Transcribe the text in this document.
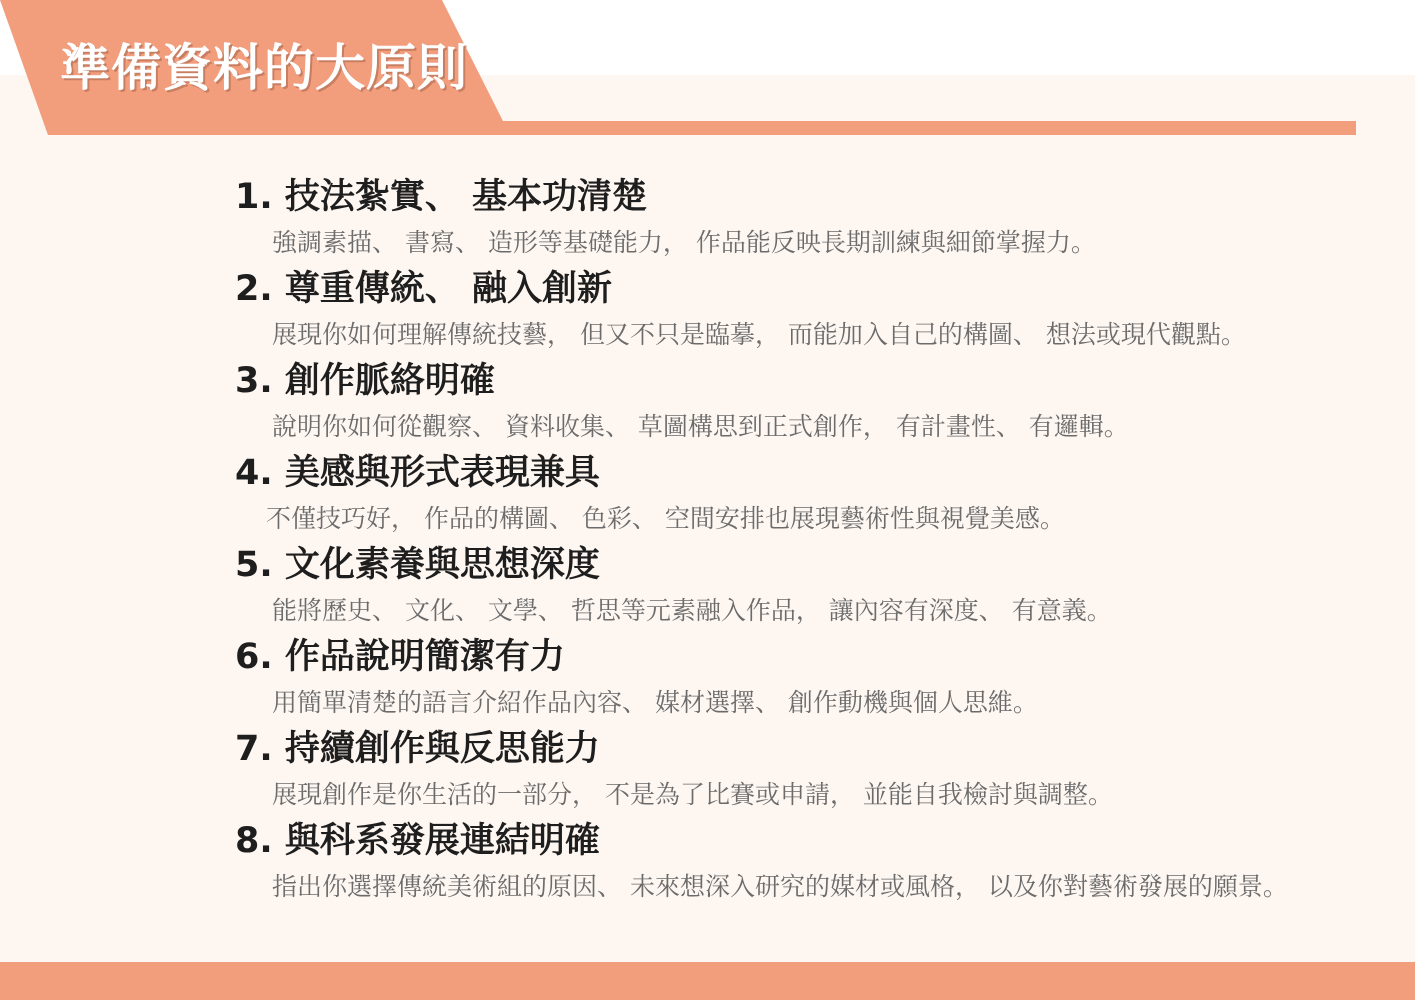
準備資料的大原則
1. 技法紮實、 基本功清楚
強調素描、 書寫、 造形等基礎能力， 作品能反映長期訓練與細節掌握力。
2. 尊重傳統、 融入創新
展現你如何理解傳統技藝， 但又不只是臨摹， 而能加入自己的構圖、 想法或現代觀點。
3. 創作脈絡明確
說明你如何從觀察、 資料收集、 草圖構思到正式創作， 有計畫性、 有邏輯。
4. 美感與形式表現兼具
不僅技巧好， 作品的構圖、 色彩、 空間安排也展現藝術性與視覺美感。
5. 文化素養與思想深度
能將歷史、 文化、 文學、 哲思等元素融入作品， 讓內容有深度、 有意義。
6. 作品說明簡潔有力
用簡單清楚的語言介紹作品內容、 媒材選擇、 創作動機與個人思維。
7. 持續創作與反思能力
展現創作是你生活的一部分， 不是為了比賽或申請， 並能自我檢討與調整。
8. 與科系發展連結明確
指出你選擇傳統美術組的原因、 未來想深入研究的媒材或風格， 以及你對藝術發展的願景。
